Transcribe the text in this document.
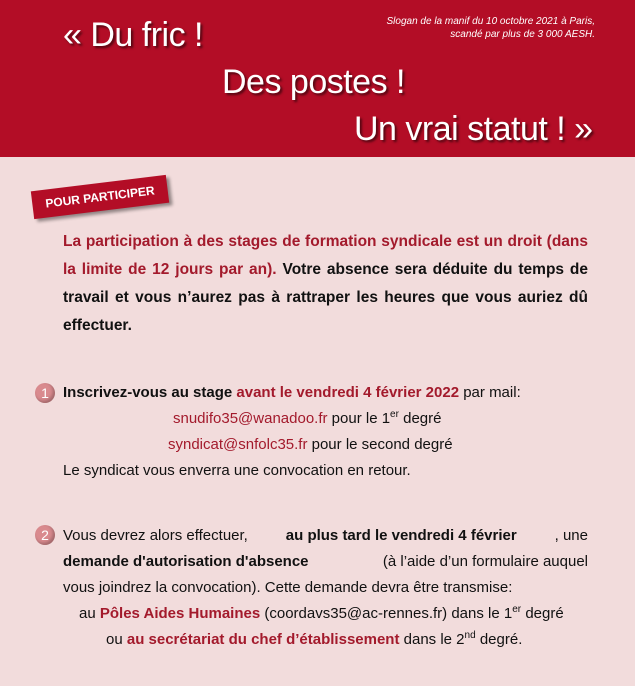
« Du fric !
Des postes !
Un vrai statut ! »
Slogan de la manif du 10 octobre 2021 à Paris,
scandé par plus de 3 000 AESH.
POUR PARTICIPER
La participation à des stages de formation syndicale est un droit (dans la limite de 12 jours par an). Votre absence sera déduite du temps de travail et vous n’aurez pas à rattraper les heures que vous auriez dû effectuer.
1 Inscrivez-vous au stage avant le vendredi 4 février 2022 par mail:
snudifo35@wanadoo.fr pour le 1er degré
syndicat@snfolc35.fr pour le second degré
Le syndicat vous enverra une convocation en retour.
2 Vous devrez alors effectuer,	au plus tard le vendredi 4 février	, une
demande d'autorisation d'absence	(à l’aide d’un formulaire auquel
vous joindrez la convocation). Cette demande devra être transmise:
au Pôles Aides Humaines (coordavs35@ac-rennes.fr) dans le 1er degré
ou au secrétariat du chef d’établissement dans le 2nd degré.
